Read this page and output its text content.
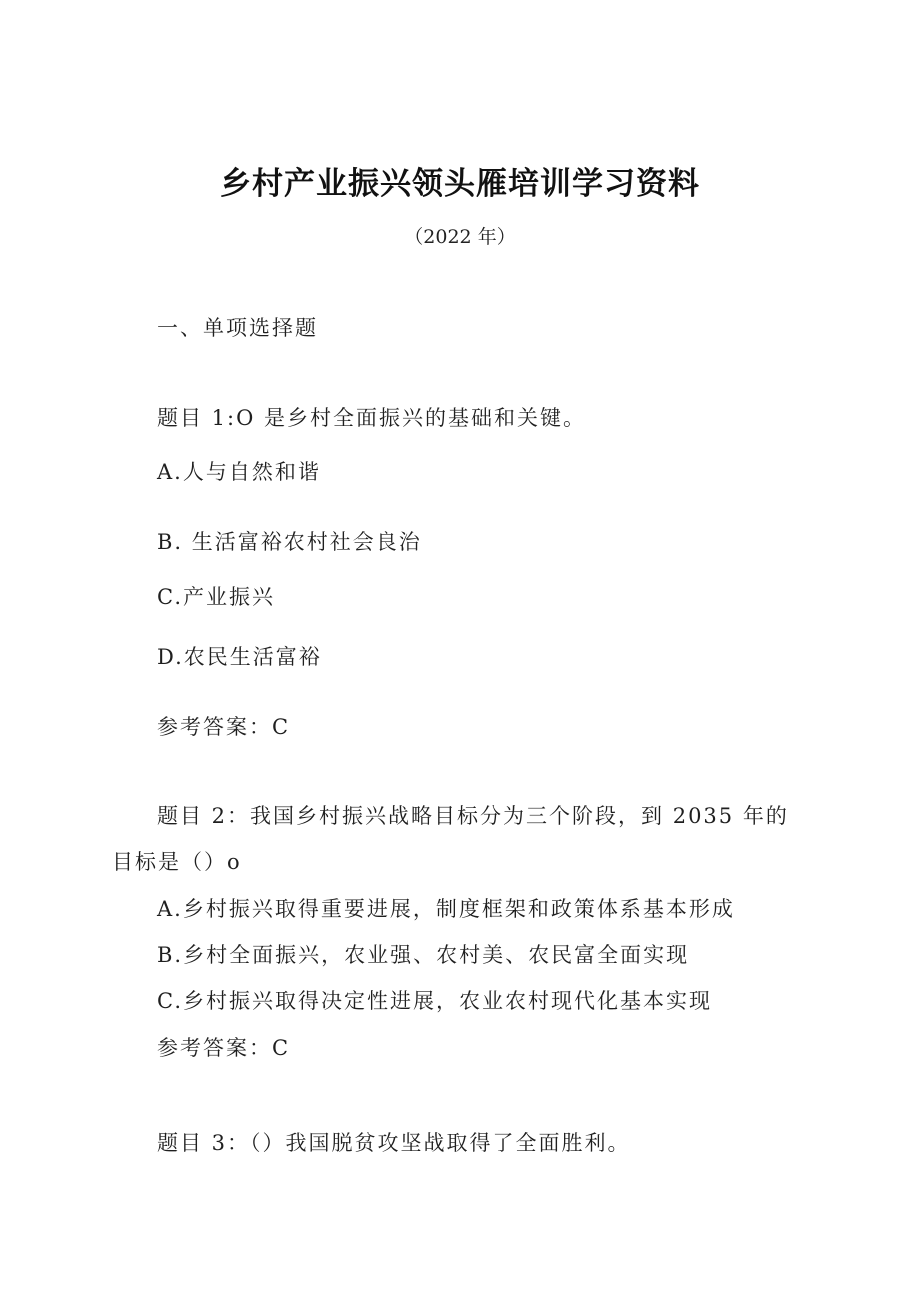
乡村产业振兴领头雁培训学习资料
（2022 年）
一、单项选择题
题目 1:O 是乡村全面振兴的基础和关键。
A.人与自然和谐
B. 生活富裕农村社会良治
C.产业振兴
D.农民生活富裕
参考答案：C
题目 2：我国乡村振兴战略目标分为三个阶段，到 2035 年的
目标是（）o
A.乡村振兴取得重要进展，制度框架和政策体系基本形成
B.乡村全面振兴，农业强、农村美、农民富全面实现
C.乡村振兴取得决定性进展，农业农村现代化基本实现
参考答案：C
题目 3：（）我国脱贫攻坚战取得了全面胜利。
